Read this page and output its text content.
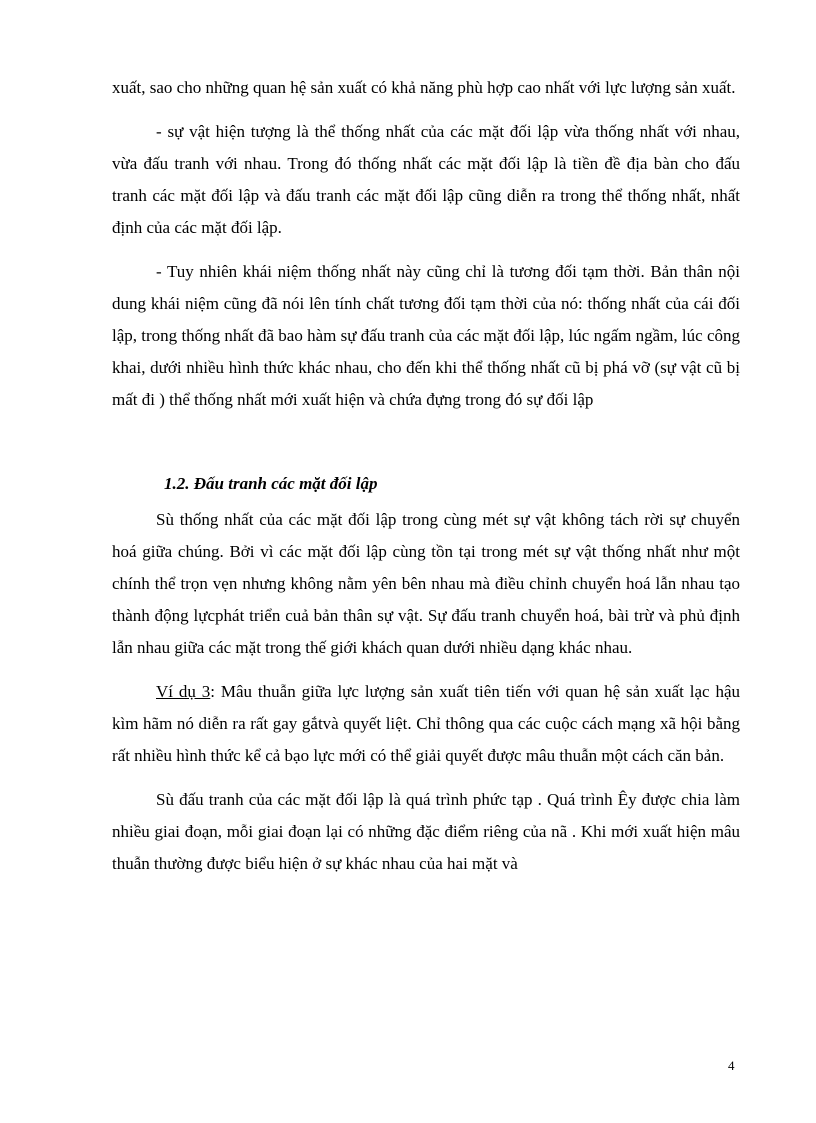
xuất, sao cho những quan hệ sản xuất có khả năng phù hợp cao nhất với lực lượng sản xuất.

- sự vật hiện tượng là thể thống nhất của các mặt đối lập vừa thống nhất với nhau, vừa đấu tranh với nhau. Trong đó thống nhất các mặt đối lập là tiền đề địa bàn cho đấu tranh các mặt đối lập và đấu tranh các mặt đối lập cũng diễn ra trong thể thống nhất, nhất định của các mặt đối lập.

- Tuy nhiên khái niệm thống nhất này cũng chỉ là tương đối tạm thời. Bản thân nội dung khái niệm cũng đã nói lên tính chất tương đối tạm thời của nó: thống nhất của cái đối lập, trong thống nhất đã bao hàm sự đấu tranh của các mặt đối lập, lúc ngấm ngầm, lúc công khai, dưới nhiều hình thức khác nhau, cho đến khi thể thống nhất cũ bị phá vỡ (sự vật cũ bị mất đi ) thể thống nhất mới xuất hiện và chứa đựng trong đó sự đối lập

1.2. Đấu tranh các mặt đối lập

Sù thống nhất của các mặt đối lập trong cùng mét sự vật không tách rời sự chuyển hoá giữa chúng. Bởi vì các mặt đối lập cùng tồn tại trong mét sự vật thống nhất như một chính thể trọn vẹn nhưng không nằm yên bên nhau mà điều chỉnh chuyển hoá lẫn nhau tạo thành động lựcphát triển cuả bản thân sự vật. Sự đấu tranh chuyển hoá, bài trừ và phủ định lẫn nhau giữa các mặt trong thế giới khách quan dưới nhiều dạng khác nhau.

Ví dụ 3: Mâu thuẫn giữa lực lượng sản xuất tiên tiến với quan hệ sản xuất lạc hậu kìm hãm nó diễn ra rất gay gắtvà quyết liệt. Chỉ thông qua các cuộc cách mạng xã hội bằng rất nhiều hình thức kể cả bạo lực mới có thể giải quyết được mâu thuẫn một cách căn bản.

Sù đấu tranh của các mặt đối lập là quá trình phức tạp . Quá trình Êy được chia làm nhiều giai đoạn, mỗi giai đoạn lại có những đặc điểm riêng của nã . Khi mới xuất hiện mâu thuẫn thường được biểu hiện ở sự khác nhau của hai mặt và

4
